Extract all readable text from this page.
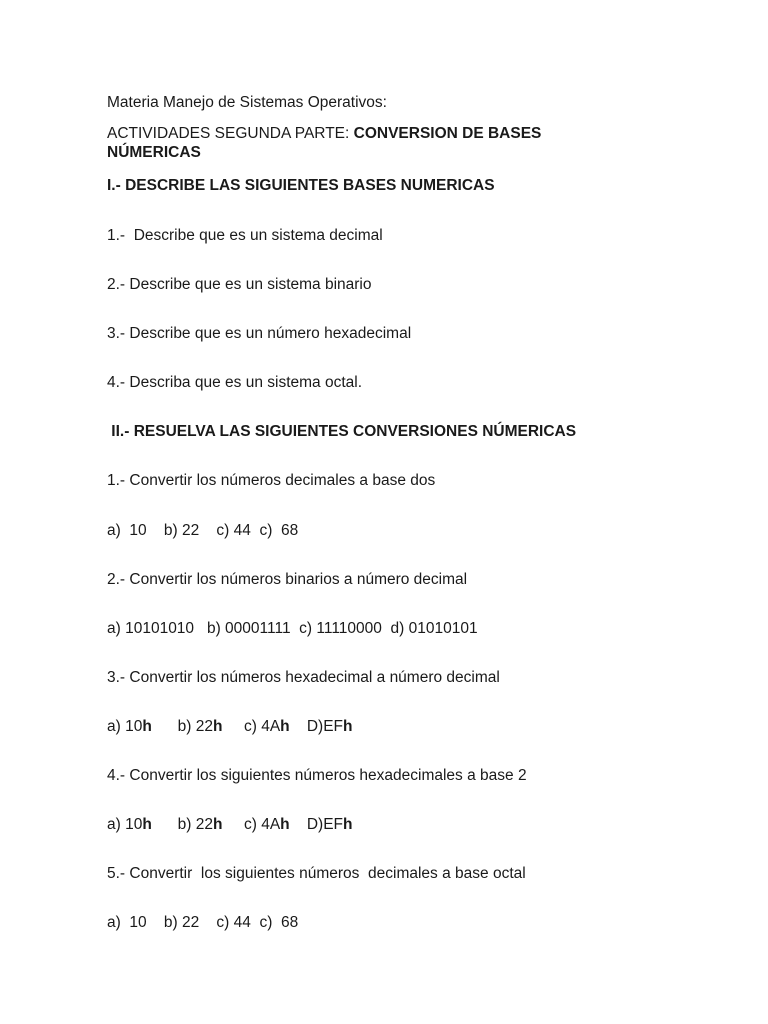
Materia Manejo de Sistemas Operativos:
ACTIVIDADES SEGUNDA PARTE: CONVERSION DE BASES
NÚMERICAS
I.- DESCRIBE LAS SIGUIENTES BASES NUMERICAS
1.-  Describe que es un sistema decimal
2.- Describe que es un sistema binario
3.- Describe que es un número hexadecimal
4.- Describa que es un sistema octal.
II.- RESUELVA LAS SIGUIENTES CONVERSIONES NÚMERICAS
1.- Convertir los números decimales a base dos
a)  10    b) 22    c) 44  c)  68
2.- Convertir los números binarios a número decimal
a) 10101010   b) 00001111  c) 11110000  d) 01010101
3.- Convertir los números hexadecimal a número decimal
a) 10h      b) 22h     c) 4Ah    D)EFh
4.- Convertir los siguientes números hexadecimales a base 2
a) 10h      b) 22h     c) 4Ah    D)EFh
5.- Convertir  los siguientes números  decimales a base octal
a)  10    b) 22    c) 44  c)  68
